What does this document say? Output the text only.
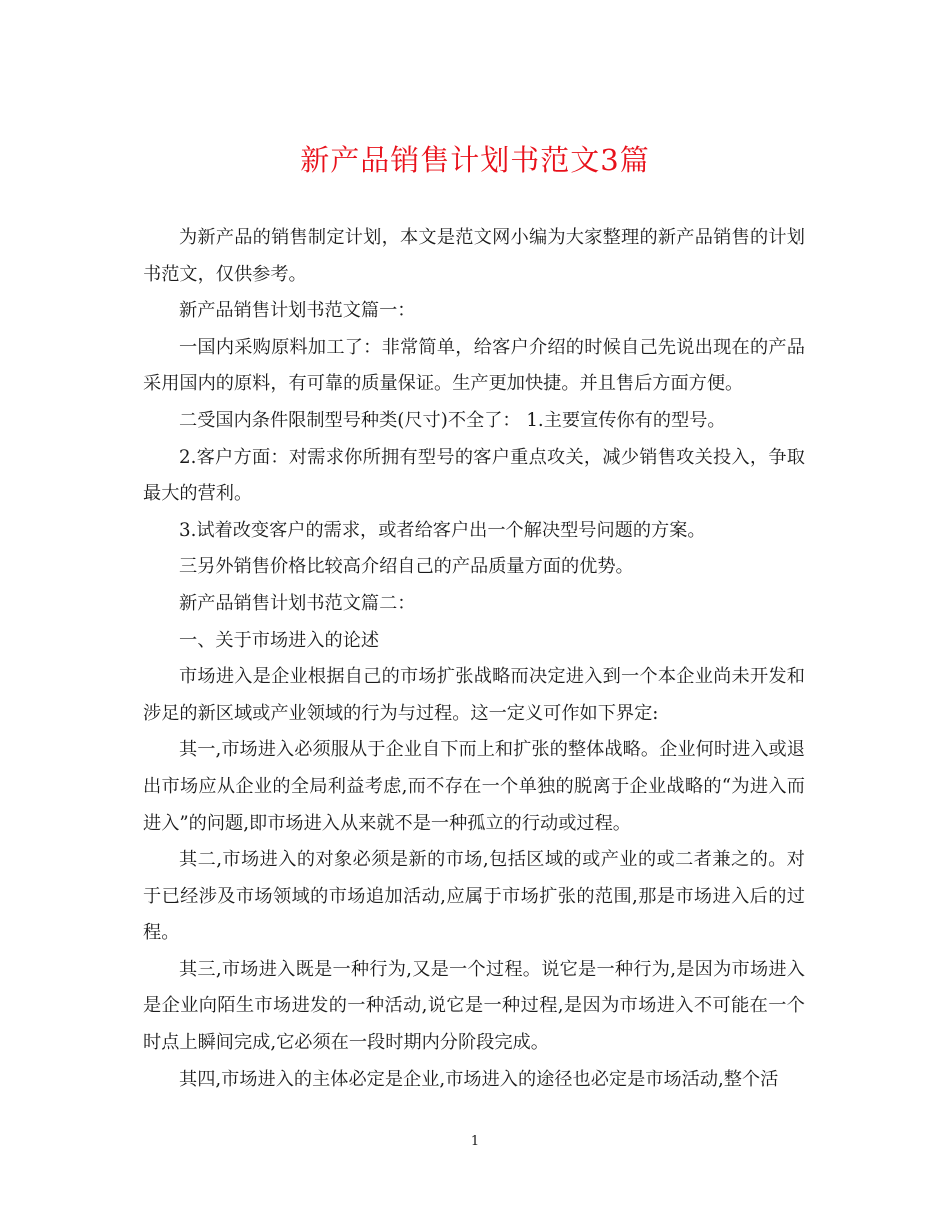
新产品销售计划书范文3篇

为新产品的销售制定计划，本文是范文网小编为大家整理的新产品销售的计划书范文，仅供参考。

新产品销售计划书范文篇一：

一国内采购原料加工了：非常简单，给客户介绍的时候自己先说出现在的产品采用国内的原料，有可靠的质量保证。生产更加快捷。并且售后方面方便。

二受国内条件限制型号种类(尺寸)不全了： 1.主要宣传你有的型号。

2.客户方面：对需求你所拥有型号的客户重点攻关，减少销售攻关投入，争取最大的营利。

3.试着改变客户的需求，或者给客户出一个解决型号问题的方案。

三另外销售价格比较高介绍自己的产品质量方面的优势。

新产品销售计划书范文篇二：

一、关于市场进入的论述

市场进入是企业根据自己的市场扩张战略而决定进入到一个本企业尚未开发和涉足的新区域或产业领域的行为与过程。这一定义可作如下界定:

其一,市场进入必须服从于企业自下而上和扩张的整体战略。企业何时进入或退出市场应从企业的全局利益考虑,而不存在一个单独的脱离于企业战略的“为进入而进入”的问题,即市场进入从来就不是一种孤立的行动或过程。

其二,市场进入的对象必须是新的市场,包括区域的或产业的或二者兼之的。对于已经涉及市场领域的市场追加活动,应属于市场扩张的范围,那是市场进入后的过程。

其三,市场进入既是一种行为,又是一个过程。说它是一种行为,是因为市场进入是企业向陌生市场进发的一种活动,说它是一种过程,是因为市场进入不可能在一个时点上瞬间完成,它必须在一段时期内分阶段完成。

其四,市场进入的主体必定是企业,市场进入的途径也必定是市场活动,整个活

1
